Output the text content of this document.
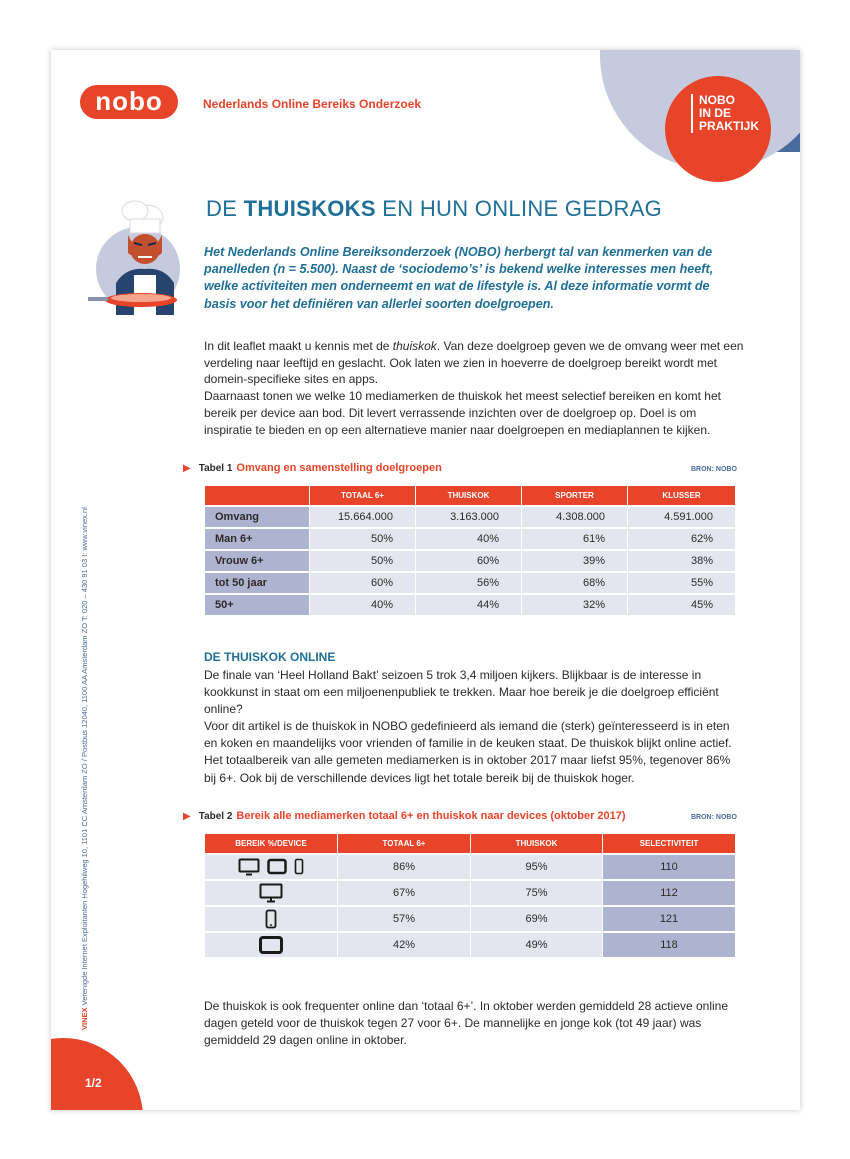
NOBO
IN DE
PRAKTIJK
nobo	Nederlands Online Bereiks Onderzoek
VINEX Verenigde Internet Exploitanten Hogehilweg 10, 1101 CC Amsterdam ZO / Postbus 12040, 1100 AA Amsterdam ZO T: 020 – 430 91 03 I: www.vinex.nl
DE THUISKOKS EN HUN ONLINE GEDRAG
Het Nederlands Online Bereiksonderzoek (NOBO) herbergt tal van kenmerken van de panelleden (n = 5.500). Naast de ‘sociodemo’s’ is bekend welke interesses men heeft, welke activiteiten men onderneemt en wat de lifestyle is. Al deze informatie vormt de basis voor het definiëren van allerlei soorten doelgroepen.

In dit leaflet maakt u kennis met de thuiskok. Van deze doelgroep geven we de omvang weer met een verdeling naar leeftijd en geslacht. Ook laten we zien in hoeverre de doelgroep bereikt wordt met domein-specifieke sites en apps.

Daarnaast tonen we welke 10 mediamerken de thuiskok het meest selectief bereiken en komt het bereik per device aan bod. Dit levert verrassende inzichten over de doelgroep op. Doel is om inspiratie te bieden en op een alternatieve manier naar doelgroepen en mediaplannen te kijken.

▶ Tabel 1 Omvang en samenstelling doelgroepen	BRON: NOBO
	TOTAAL 6+	THUISKOK	SPORTER	KLUSSER
Omvang	15.664.000	3.163.000	4.308.000	4.591.000
Man 6+	50%	40%	61%	62%
Vrouw 6+	50%	60%	39%	38%
tot 50 jaar	60%	56%	68%	55%
50+	40%	44%	32%	45%
DE THUISKOK ONLINE

De finale van ‘Heel Holland Bakt’ seizoen 5 trok 3,4 miljoen kijkers. Blijkbaar is de interesse in kookkunst in staat om een miljoenenpubliek te trekken. Maar hoe bereik je die doelgroep efficiënt online?

Voor dit artikel is de thuiskok in NOBO gedefinieerd als iemand die (sterk) geïnteresseerd is in eten en koken en maandelijks voor vrienden of familie in de keuken staat. De thuiskok blijkt online actief. Het totaalbereik van alle gemeten mediamerken is in oktober 2017 maar liefst 95%, tegenover 86% bij 6+. Ook bij de verschillende devices ligt het totale bereik bij de thuiskok hoger.

▶ Tabel 2 Bereik alle mediamerken totaal 6+ en thuiskok naar devices (oktober 2017)	BRON: NOBO
BEREIK %/DEVICE	TOTAAL 6+	THUISKOK	SELECTIVITEIT
	86%	95%	110
	67%	75%	112
	57%	69%	121
	42%	49%	118
De thuiskok is ook frequenter online dan ‘totaal 6+’. In oktober werden gemiddeld 28 actieve online dagen geteld voor de thuiskok tegen 27 voor 6+. De mannelijke en jonge kok (tot 49 jaar) was gemiddeld 29 dagen online in oktober.
1/2
